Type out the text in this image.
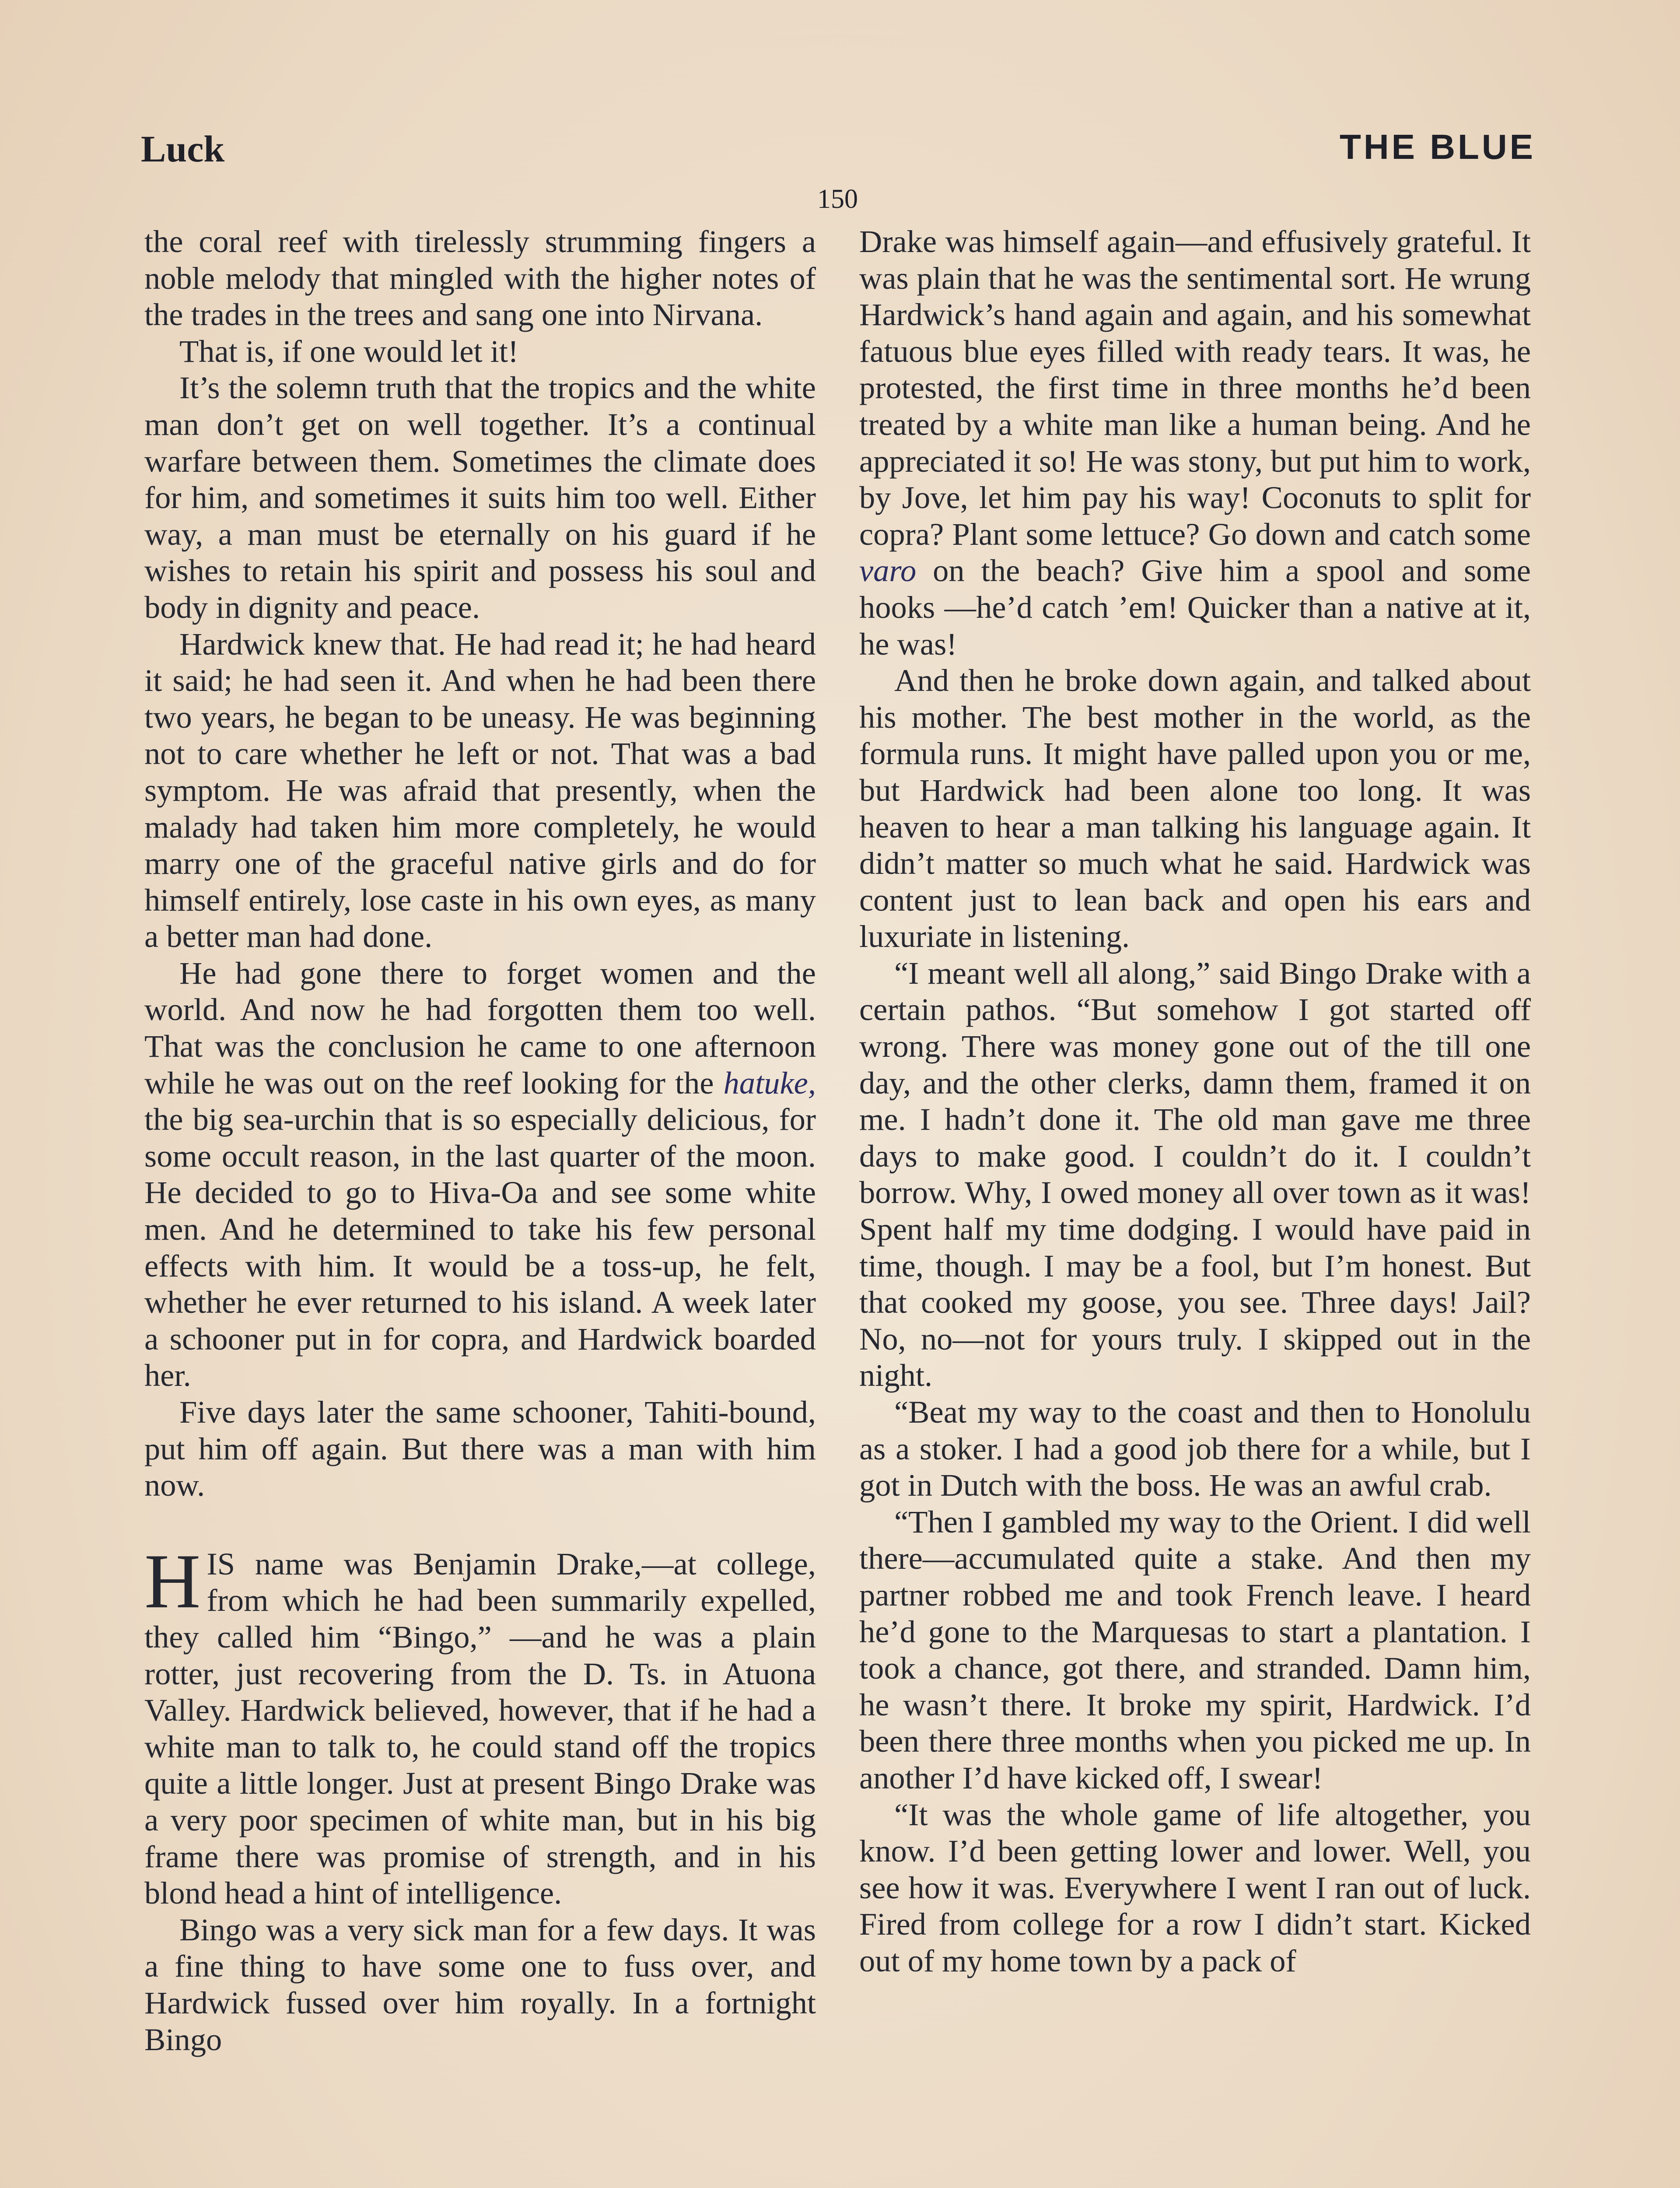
Luck
150
THE BLUE

the coral reef with tirelessly strumming fingers a noble melody that mingled with the higher notes of the trades in the trees and sang one into Nirvana.

That is, if one would let it!

It’s the solemn truth that the tropics and the white man don’t get on well together. It’s a continual warfare between them. Sometimes the climate does for him, and sometimes it suits him too well. Either way, a man must be eternally on his guard if he wishes to retain his spirit and possess his soul and body in dignity and peace.

Hardwick knew that. He had read it; he had heard it said; he had seen it. And when he had been there two years, he began to be uneasy. He was beginning not to care whether he left or not. That was a bad symptom. He was afraid that presently, when the malady had taken him more completely, he would marry one of the graceful native girls and do for himself entirely, lose caste in his own eyes, as many a better man had done.

He had gone there to forget women and the world. And now he had forgotten them too well. That was the conclusion he came to one afternoon while he was out on the reef looking for the hatuke, the big sea-urchin that is so especially delicious, for some occult reason, in the last quarter of the moon. He decided to go to Hiva-Oa and see some white men. And he determined to take his few personal effects with him. It would be a toss-up, he felt, whether he ever returned to his island. A week later a schooner put in for copra, and Hardwick boarded her.

Five days later the same schooner, Tahiti-bound, put him off again. But there was a man with him now.

HIS name was Benjamin Drake,—at college, from which he had been summarily expelled, they called him “Bingo,” —and he was a plain rotter, just recovering from the D. Ts. in Atuona Valley. Hardwick believed, however, that if he had a white man to talk to, he could stand off the tropics quite a little longer. Just at present Bingo Drake was a very poor specimen of white man, but in his big frame there was promise of strength, and in his blond head a hint of intelligence.

Bingo was a very sick man for a few days. It was a fine thing to have some one to fuss over, and Hardwick fussed over him royally. In a fortnight Bingo

Drake was himself again—and effusively grateful. It was plain that he was the sentimental sort. He wrung Hardwick’s hand again and again, and his somewhat fatuous blue eyes filled with ready tears. It was, he protested, the first time in three months he’d been treated by a white man like a human being. And he appreciated it so! He was stony, but put him to work, by Jove, let him pay his way! Coconuts to split for copra? Plant some lettuce? Go down and catch some varo on the beach? Give him a spool and some hooks —he’d catch ’em! Quicker than a native at it, he was!

And then he broke down again, and talked about his mother. The best mother in the world, as the formula runs. It might have palled upon you or me, but Hardwick had been alone too long. It was heaven to hear a man talking his language again. It didn’t matter so much what he said. Hardwick was content just to lean back and open his ears and luxuriate in listening.

“I meant well all along,” said Bingo Drake with a certain pathos. “But somehow I got started off wrong. There was money gone out of the till one day, and the other clerks, damn them, framed it on me. I hadn’t done it. The old man gave me three days to make good. I couldn’t do it. I couldn’t borrow. Why, I owed money all over town as it was! Spent half my time dodging. I would have paid in time, though. I may be a fool, but I’m honest. But that cooked my goose, you see. Three days! Jail? No, no—not for yours truly. I skipped out in the night.

“Beat my way to the coast and then to Honolulu as a stoker. I had a good job there for a while, but I got in Dutch with the boss. He was an awful crab.

“Then I gambled my way to the Orient. I did well there—accumulated quite a stake. And then my partner robbed me and took French leave. I heard he’d gone to the Marquesas to start a plantation. I took a chance, got there, and stranded. Damn him, he wasn’t there. It broke my spirit, Hardwick. I’d been there three months when you picked me up. In another I’d have kicked off, I swear!

“It was the whole game of life altogether, you know. I’d been getting lower and lower. Well, you see how it was. Everywhere I went I ran out of luck. Fired from college for a row I didn’t start. Kicked out of my home town by a pack of
